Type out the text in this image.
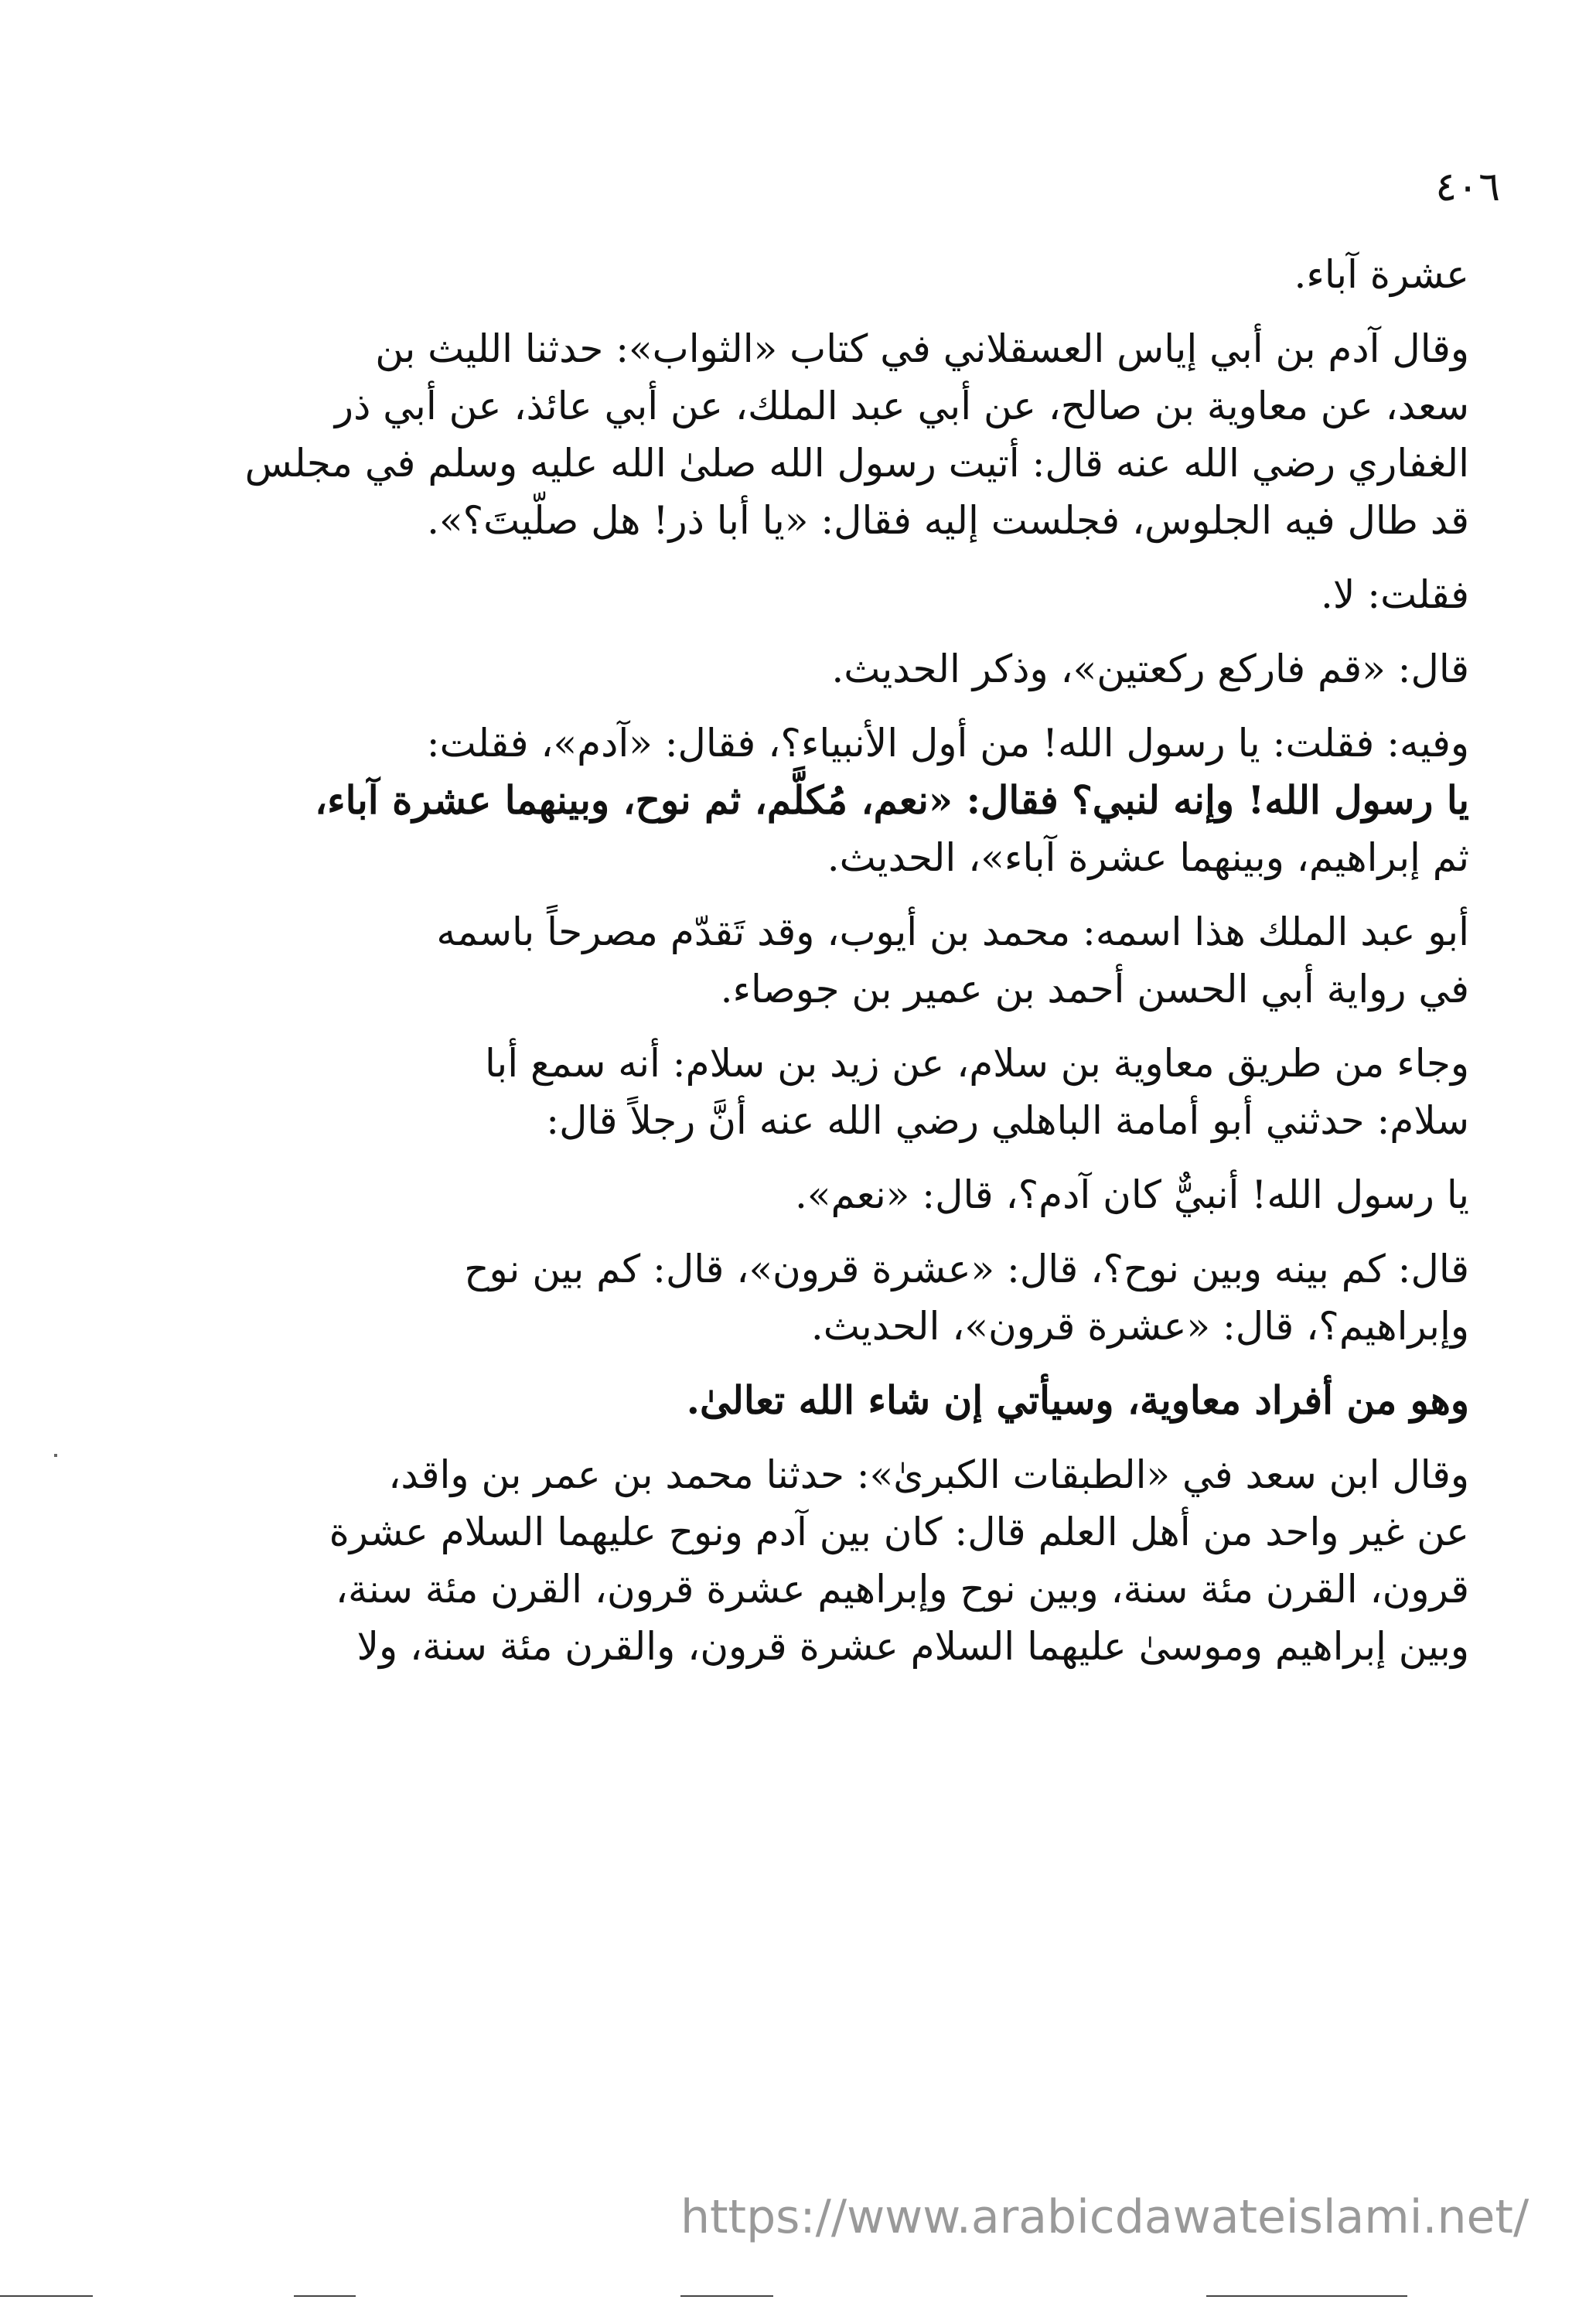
٤٠٦

عشرة آباء.

وقال آدم بن أبي إياس العسقلاني في كتاب «الثواب»: حدثنا الليث بن
سعد، عن معاوية بن صالح، عن أبي عبد الملك، عن أبي عائذ، عن أبي ذر
الغفاري رضي الله عنه قال: أتيت رسول الله صلىٰ الله عليه وسلم في مجلس
قد طال فيه الجلوس، فجلست إليه فقال: «يا أبا ذر! هل صلّيتَ؟».

فقلت: لا.

قال: «قم فاركع ركعتين»، وذكر الحديث.

وفيه: فقلت: يا رسول الله! من أول الأنبياء؟، فقال: «آدم»، فقلت:
يا رسول الله! وإنه لنبي؟ فقال: «نعم، مُكلَّم، ثم نوح، وبينهما عشرة آباء،
ثم إبراهيم، وبينهما عشرة آباء»، الحديث.

أبو عبد الملك هذا اسمه: محمد بن أيوب، وقد تَقدّم مصرحاً باسمه
في رواية أبي الحسن أحمد بن عمير بن جوصاء.

وجاء من طريق معاوية بن سلام، عن زيد بن سلام: أنه سمع أبا
سلام: حدثني أبو أمامة الباهلي رضي الله عنه أنَّ رجلاً قال:

يا رسول الله! أنبيٌّ كان آدم؟، قال: «نعم».

قال: كم بينه وبين نوح؟، قال: «عشرة قرون»، قال: كم بين نوح
وإبراهيم؟، قال: «عشرة قرون»، الحديث.

وهو من أفراد معاوية، وسيأتي إن شاء الله تعالىٰ.

وقال ابن سعد في «الطبقات الكبرىٰ»: حدثنا محمد بن عمر بن واقد،
عن غير واحد من أهل العلم قال: كان بين آدم ونوح عليهما السلام عشرة
قرون، القرن مئة سنة، وبين نوح وإبراهيم عشرة قرون، القرن مئة سنة،
وبين إبراهيم وموسىٰ عليهما السلام عشرة قرون، والقرن مئة سنة، ولا

https://www.arabicdawateislami.net/
